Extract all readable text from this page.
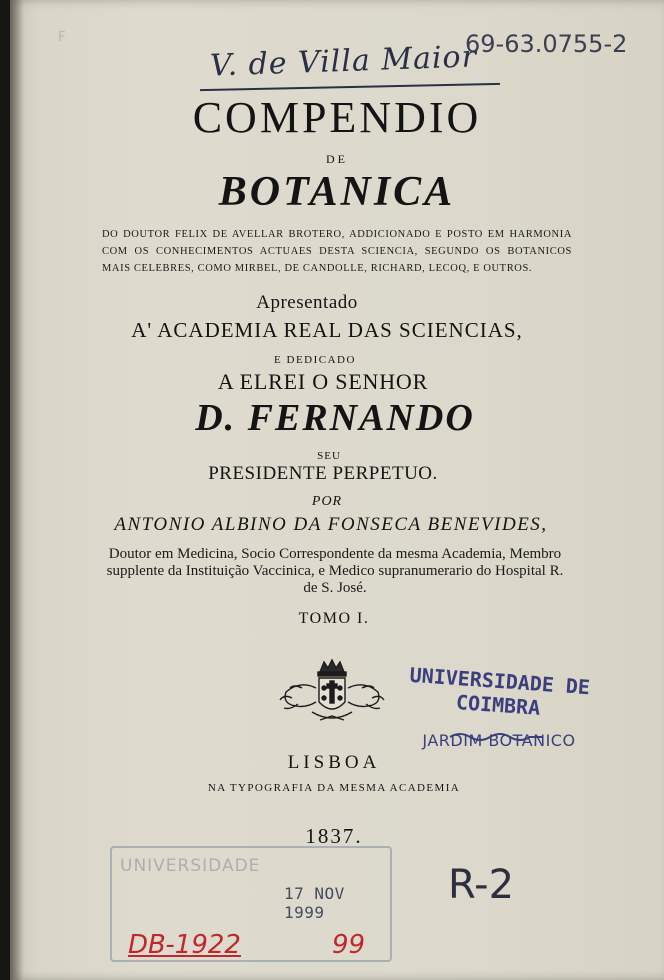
F
V. de Villa Maior
69-63.0755-2
COMPENDIO
DE
BOTANICA
DO DOUTOR FELIX DE AVELLAR BROTERO, ADDICIONADO E POSTO EM HARMONIA COM OS CONHECIMENTOS ACTUAES DESTA SCIENCIA, SEGUNDO OS BOTANICOS MAIS CELEBRES, COMO MIRBEL, DE CANDOLLE, RICHARD, LECOQ, E OUTROS.
Apresentado
A' ACADEMIA REAL DAS SCIENCIAS,
E DEDICADO
A ELREI O SENHOR
D. FERNANDO
SEU
PRESIDENTE PERPETUO.
POR
ANTONIO ALBINO DA FONSECA BENEVIDES,
Doutor em Medicina, Socio Correspondente da mesma Academia, Membro supplente da Instituição Vaccinica, e Medico supranumerario do Hospital R. de S. José.
TOMO I.
UNIVERSIDADE DE COIMBRA
JARDIM BOTANICO
LISBOA
NA TYPOGRAFIA DA MESMA ACADEMIA
1837.
UNIVERSIDADE
17 NOV 1999
R-2
DB-1922	99
